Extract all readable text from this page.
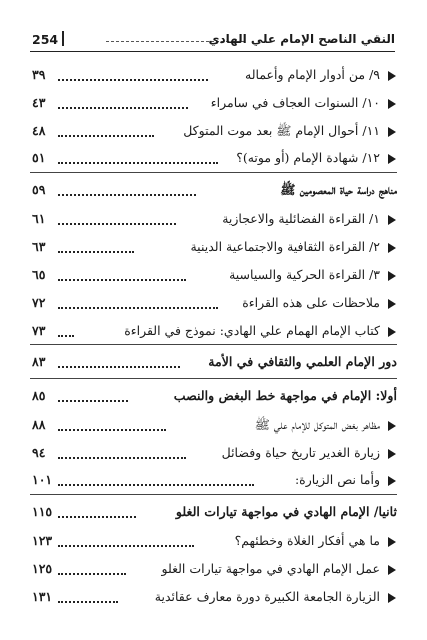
254	النقي الناصح الإمام علي الهادي
٩/ من أدوار الإمام وأعماله
٣٩
١٠/ السنوات العجاف في سامراء
٤٣
١١/ أحوال الإمام ﷺ بعد موت المتوكل
٤٨
١٢/ شهادة الإمام (أو موته)؟
٥١
مناهج دراسة حياة المعصومين ﷺ
٥٩
١/ القراءة الفضائلية والاعجازية
٦١
٢/ القراءة الثقافية والاجتماعية الدينية
٦٣
٣/ القراءة الحركية والسياسية
٦٥
ملاحظات على هذه القراءة
٧٢
كتاب الإمام الهمام علي الهادي: نموذج في القراءة
٧٣
دور الإمام العلمي والثقافي في الأمة
٨٣
أولا: الإمام في مواجهة خط البغض والنصب
٨٥
مظاهر بغض المتوكل للإمام علي ﷺ
٨٨
زيارة الغدير تاريخ حياة وفضائل
٩٤
وأما نص الزيارة:
١٠١
ثانيا/ الإمام الهادي في مواجهة تيارات الغلو
١١٥
ما هي أفكار الغلاة وخطئهم؟
١٢٣
عمل الإمام الهادي في مواجهة تيارات الغلو
١٢٥
الزيارة الجامعة الكبيرة دورة معارف عقائدية
١٣١
